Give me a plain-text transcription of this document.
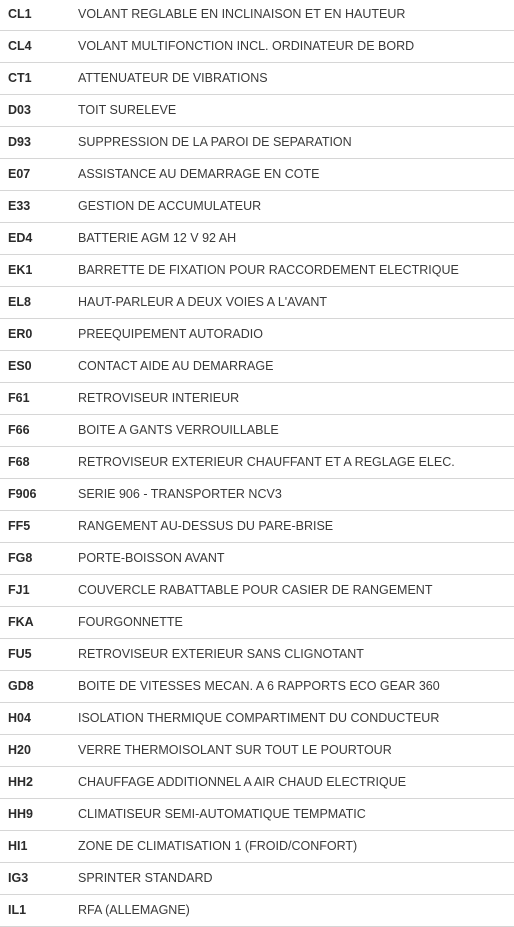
CL1	VOLANT REGLABLE EN INCLINAISON ET EN HAUTEUR
CL4	VOLANT MULTIFONCTION INCL. ORDINATEUR DE BORD
CT1	ATTENUATEUR DE VIBRATIONS
D03	TOIT SURELEVE
D93	SUPPRESSION DE LA PAROI DE SEPARATION
E07	ASSISTANCE AU DEMARRAGE EN COTE
E33	GESTION DE ACCUMULATEUR
ED4	BATTERIE AGM 12 V 92 AH
EK1	BARRETTE DE FIXATION POUR RACCORDEMENT ELECTRIQUE
EL8	HAUT-PARLEUR A DEUX VOIES A L'AVANT
ER0	PREEQUIPEMENT AUTORADIO
ES0	CONTACT AIDE AU DEMARRAGE
F61	RETROVISEUR INTERIEUR
F66	BOITE A GANTS VERROUILLABLE
F68	RETROVISEUR EXTERIEUR CHAUFFANT ET A REGLAGE ELEC.
F906	SERIE 906 - TRANSPORTER NCV3
FF5	RANGEMENT AU-DESSUS DU PARE-BRISE
FG8	PORTE-BOISSON AVANT
FJ1	COUVERCLE RABATTABLE POUR CASIER DE RANGEMENT
FKA	FOURGONNETTE
FU5	RETROVISEUR EXTERIEUR SANS CLIGNOTANT
GD8	BOITE DE VITESSES MECAN. A 6 RAPPORTS ECO GEAR 360
H04	ISOLATION THERMIQUE COMPARTIMENT DU CONDUCTEUR
H20	VERRE THERMOISOLANT SUR TOUT LE POURTOUR
HH2	CHAUFFAGE ADDITIONNEL A AIR CHAUD ELECTRIQUE
HH9	CLIMATISEUR SEMI-AUTOMATIQUE TEMPMATIC
HI1	ZONE DE CLIMATISATION 1 (FROID/CONFORT)
IG3	SPRINTER STANDARD
IL1	RFA (ALLEMAGNE)
